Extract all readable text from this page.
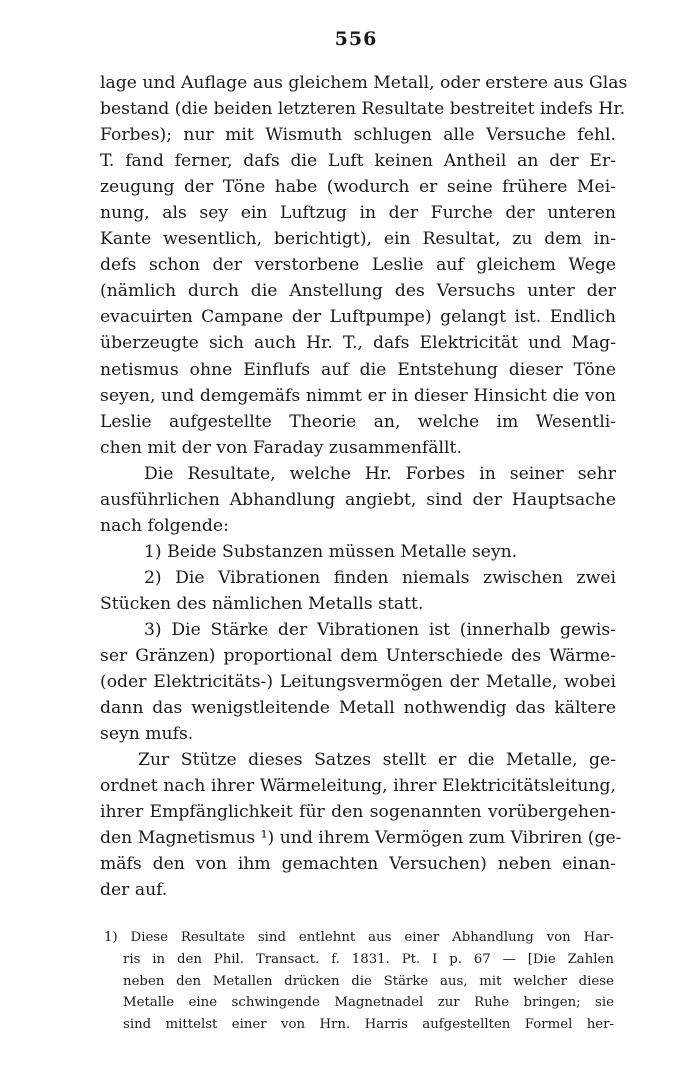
556
lage und Auflage aus gleichem Metall, oder erstere aus Glas
bestand (die beiden letzteren Resultate bestreitet indefs Hr.
Forbes); nur mit Wismuth schlugen alle Versuche fehl.
T. fand ferner, dafs die Luft keinen Antheil an der Er-
zeugung der Töne habe (wodurch er seine frühere Mei-
nung, als sey ein Luftzug in der Furche der unteren
Kante wesentlich, berichtigt), ein Resultat, zu dem in-
defs schon der verstorbene Leslie auf gleichem Wege
(nämlich durch die Anstellung des Versuchs unter der
evacuirten Campane der Luftpumpe) gelangt ist. Endlich
überzeugte sich auch Hr. T., dafs Elektricität und Mag-
netismus ohne Einflufs auf die Entstehung dieser Töne
seyen, und demgemäfs nimmt er in dieser Hinsicht die von
Leslie aufgestellte Theorie an, welche im Wesentli-
chen mit der von Faraday zusammenfällt.
Die Resultate, welche Hr. Forbes in seiner sehr
ausführlichen Abhandlung angiebt, sind der Hauptsache
nach folgende:
1) Beide Substanzen müssen Metalle seyn.
2) Die Vibrationen finden niemals zwischen zwei
Stücken des nämlichen Metalls statt.
3) Die Stärke der Vibrationen ist (innerhalb gewis-
ser Gränzen) proportional dem Unterschiede des Wärme-
(oder Elektricitäts-) Leitungsvermögen der Metalle, wobei
dann das wenigstleitende Metall nothwendig das kältere
seyn mufs.
Zur Stütze dieses Satzes stellt er die Metalle, ge-
ordnet nach ihrer Wärmeleitung, ihrer Elektricitätsleitung,
ihrer Empfänglichkeit für den sogenannten vorübergehen-
den Magnetismus ¹) und ihrem Vermögen zum Vibriren (ge-
mäfs den von ihm gemachten Versuchen) neben einan-
der auf.
1) Diese Resultate sind entlehnt aus einer Abhandlung von Har-
ris in den Phil. Transact. f. 1831. Pt. I p. 67 — [Die Zahlen
neben den Metallen drücken die Stärke aus, mit welcher diese
Metalle eine schwingende Magnetnadel zur Ruhe bringen; sie
sind mittelst einer von Hrn. Harris aufgestellten Formel her-
